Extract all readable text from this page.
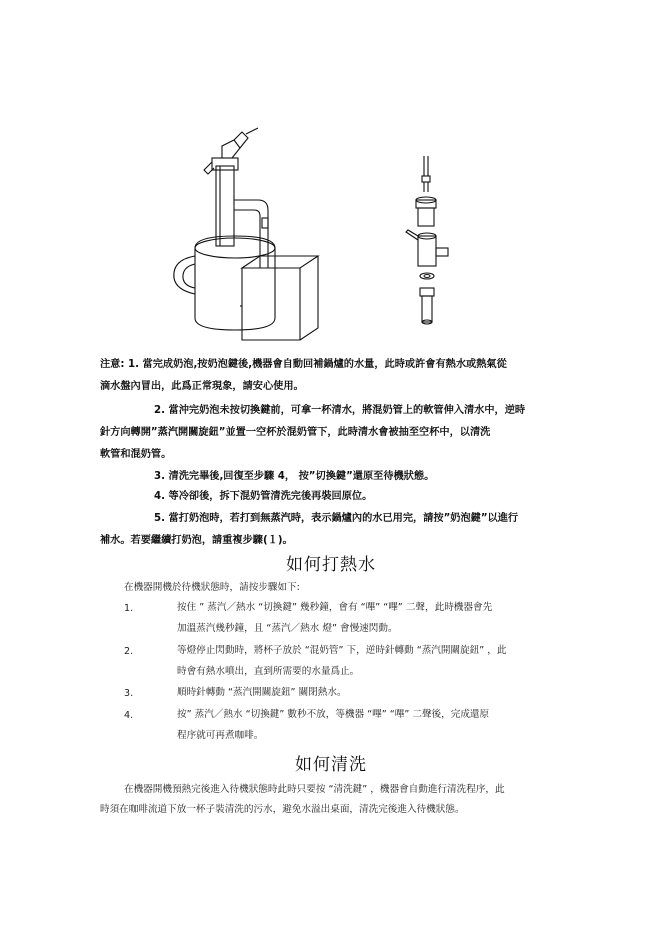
注意: 1. 當完成奶泡,按奶泡鍵後,機器會自動回補鍋爐的水量，此時或許會有熱水或熱氣從
滴水盤內冒出，此爲正常現象，請安心使用。
2. 當沖完奶泡未按切換鍵前，可拿一杯清水，將混奶管上的軟管伸入清水中，逆時
針方向轉開”蒸汽開關旋鈕”並置一空杯於混奶管下，此時清水會被抽至空杯中，以清洗
軟管和混奶管。
3. 清洗完畢後,回復至步驟 4， 按”切換鍵”還原至待機狀態。
4. 等冷卻後，拆下混奶管清洗完後再裝回原位。
5. 當打奶泡時，若打到無蒸汽時，表示鍋爐內的水已用完，請按”奶泡鍵”以進行
補水。若要繼續打奶泡，請重複步驟(１)。
如何打熱水
在機器開機於待機狀態時，請按步驟如下:
1.	按住 ” 蒸汽／熱水 “切換鍵” 幾秒鐘，會有 “嗶” “嗶” 二聲，此時機器會先
加溫蒸汽幾秒鐘，且 “蒸汽／熱水 燈” 會慢速閃動。
2.	等燈停止閃動時，將杯子放於 “混奶管” 下，逆時針轉動 “蒸汽開關旋鈕” ，此
時會有熱水噴出，直到所需要的水量爲止。
3.	順時針轉動 “蒸汽開關旋鈕” 關閉熱水。
4.	按” 蒸汽／熱水 “切換鍵” 數秒不放，等機器 “嗶” “嗶” 二聲後，完成還原
程序就可再煮咖啡。
如何清洗
在機器開機預熱完後進入待機狀態時此時只要按 “清洗鍵” ，機器會自動進行清洗程序，此
時須在咖啡流道下放一杯子裝清洗的污水，避免水溢出桌面，清洗完後進入待機狀態。
